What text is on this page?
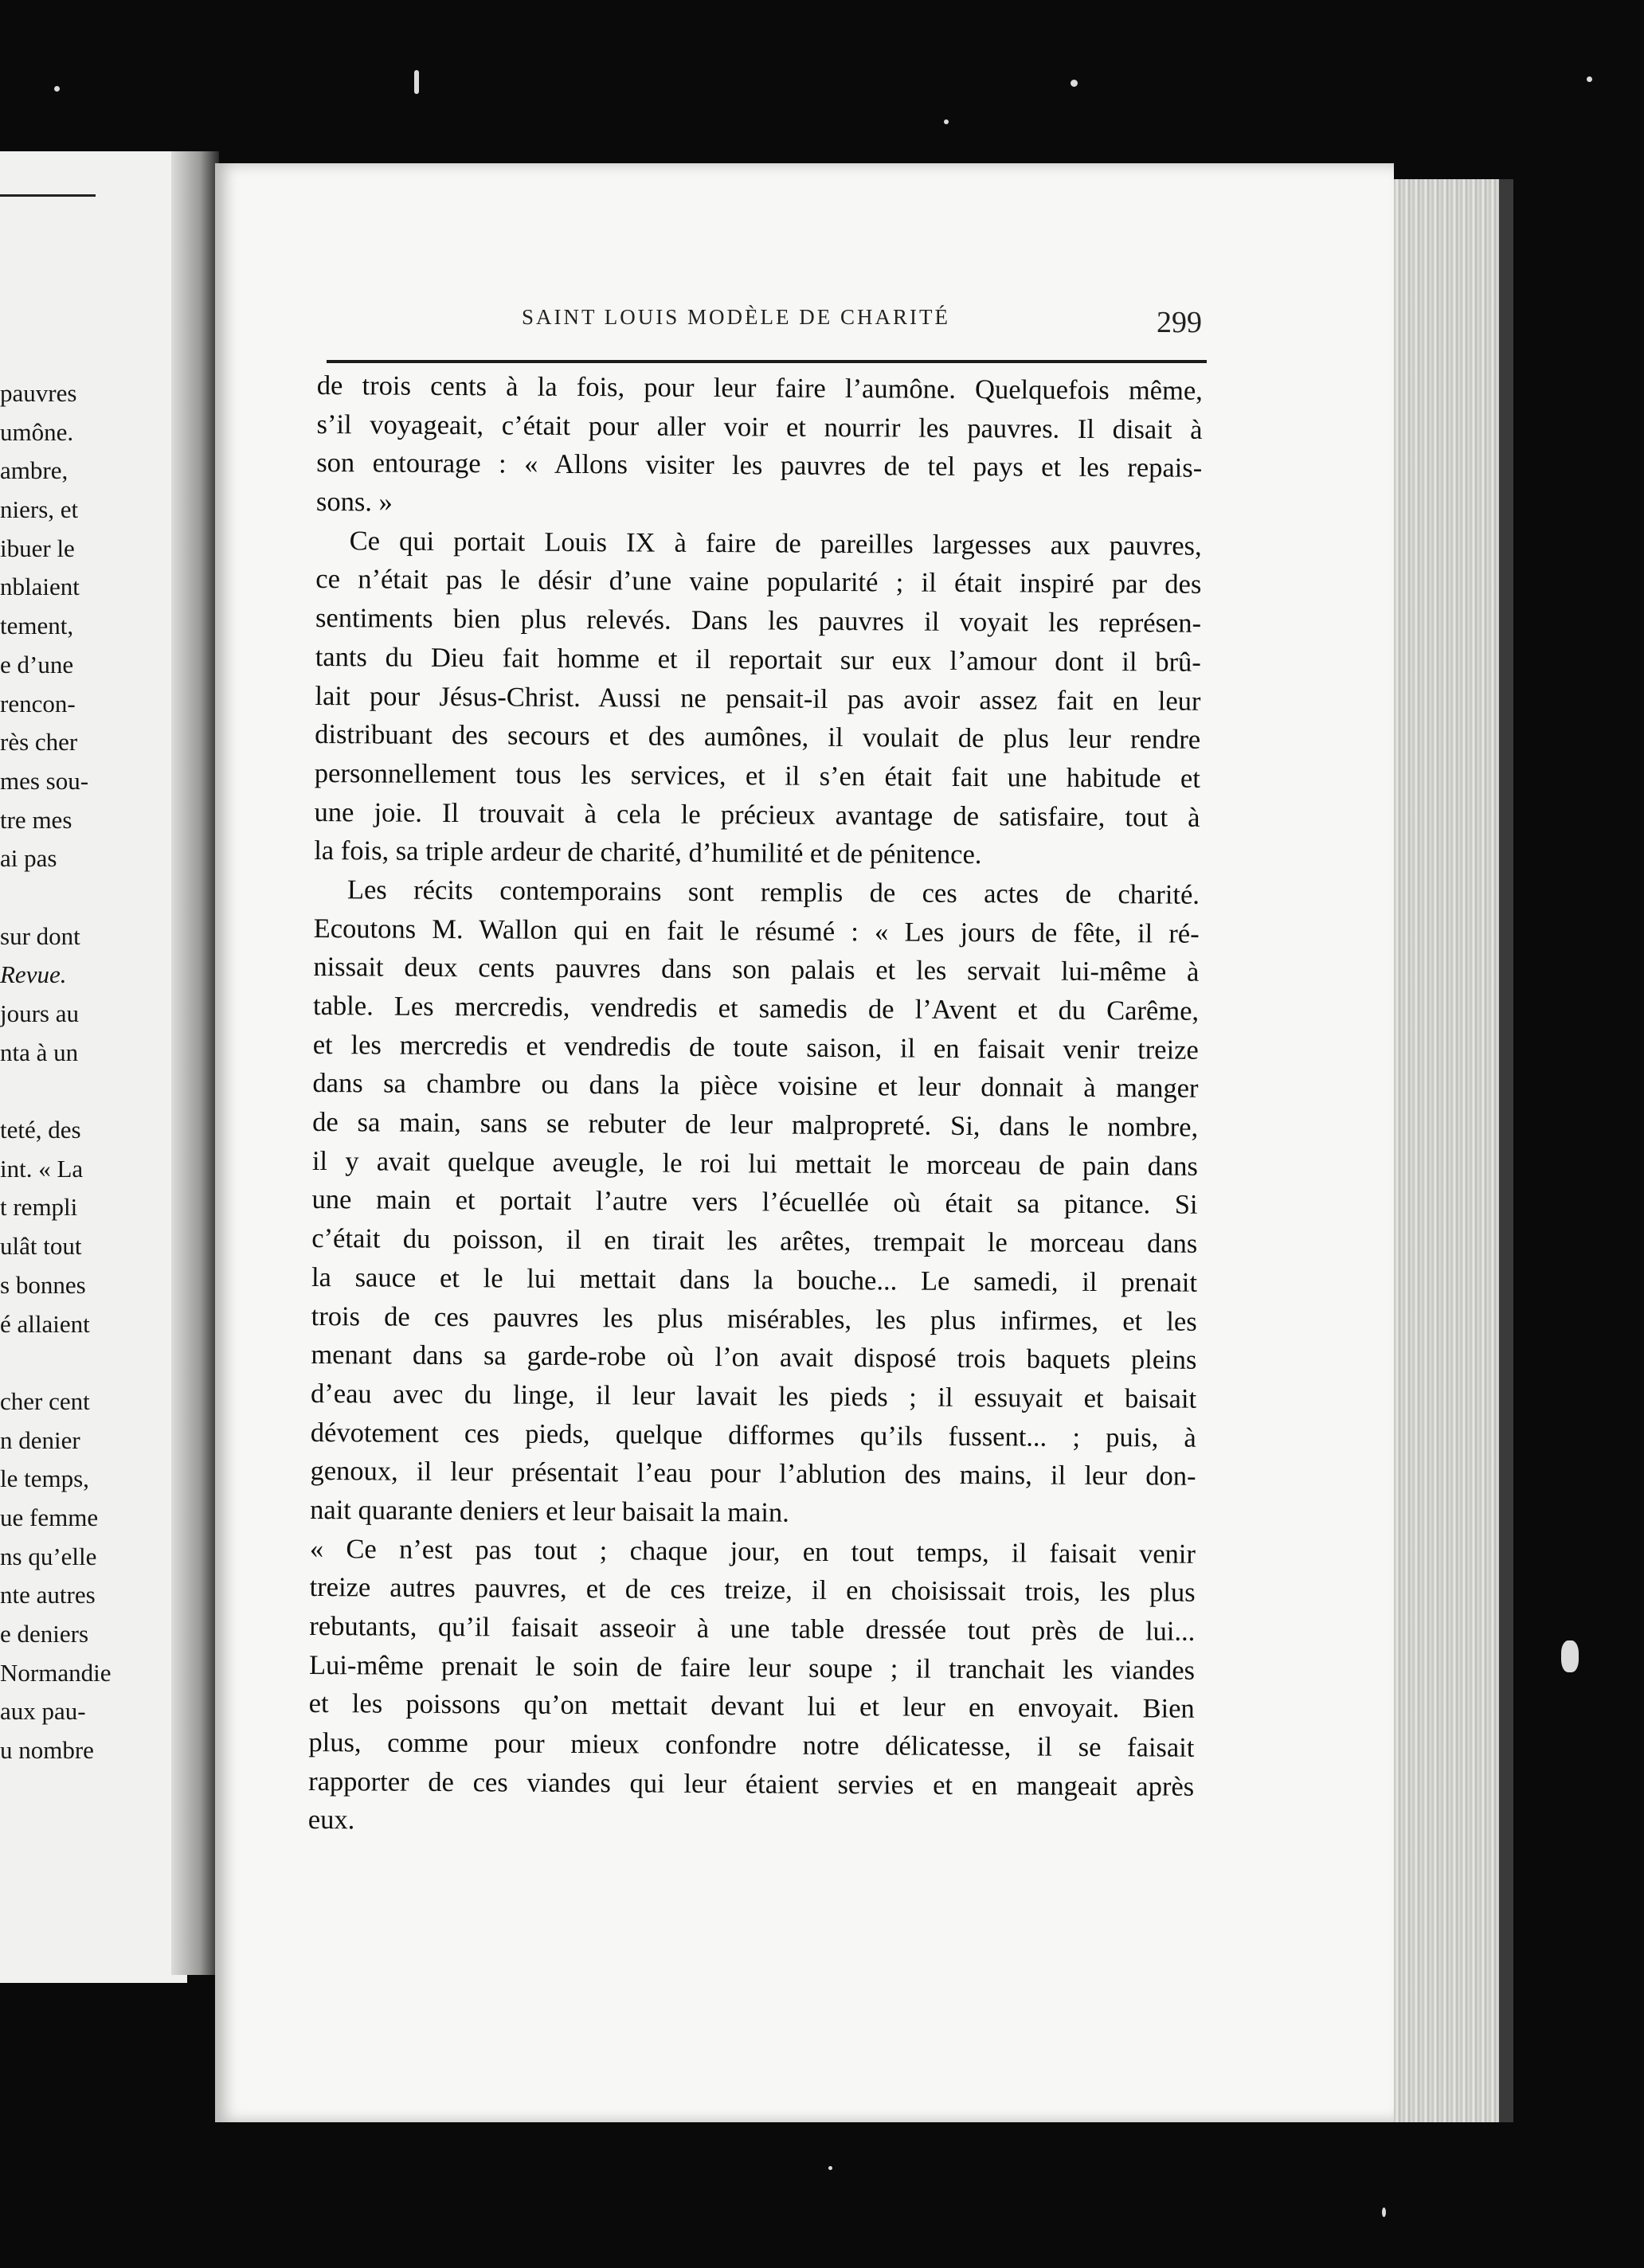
pauvres
umône.
ambre,
niers, et
ibuer le
nblaient
tement,
e d’une
rencon-
rès cher
mes sou-
tre mes
ai pas
sur dont
Revue.
jours au
nta à un
teté, des
int. « La
t rempli
ulât tout
s bonnes
é allaient
cher cent
n denier
le temps,
ue femme
ns qu’elle
nte autres
e deniers
Normandie
aux pau-
u nombre
SAINT LOUIS MODÈLE DE CHARITÉ	299
de trois cents à la fois, pour leur faire l’aumône. Quelquefois même,
s’il voyageait, c’était pour aller voir et nourrir les pauvres. Il disait à
son entourage : « Allons visiter les pauvres de tel pays et les repais-
sons. »
Ce qui portait Louis IX à faire de pareilles largesses aux pauvres,
ce n’était pas le désir d’une vaine popularité ; il était inspiré par des
sentiments bien plus relevés. Dans les pauvres il voyait les représen-
tants du Dieu fait homme et il reportait sur eux l’amour dont il brû-
lait pour Jésus-Christ. Aussi ne pensait-il pas avoir assez fait en leur
distribuant des secours et des aumônes, il voulait de plus leur rendre
personnellement tous les services, et il s’en était fait une habitude et
une joie. Il trouvait à cela le précieux avantage de satisfaire, tout à
la fois, sa triple ardeur de charité, d’humilité et de pénitence.
Les récits contemporains sont remplis de ces actes de charité.
Ecoutons M. Wallon qui en fait le résumé : « Les jours de fête, il ré-
nissait deux cents pauvres dans son palais et les servait lui-même à
table. Les mercredis, vendredis et samedis de l’Avent et du Carême,
et les mercredis et vendredis de toute saison, il en faisait venir treize
dans sa chambre ou dans la pièce voisine et leur donnait à manger
de sa main, sans se rebuter de leur malpropreté. Si, dans le nombre,
il y avait quelque aveugle, le roi lui mettait le morceau de pain dans
une main et portait l’autre vers l’écuellée où était sa pitance. Si
c’était du poisson, il en tirait les arêtes, trempait le morceau dans
la sauce et le lui mettait dans la bouche... Le samedi, il prenait
trois de ces pauvres les plus misérables, les plus infirmes, et les
menant dans sa garde-robe où l’on avait disposé trois baquets pleins
d’eau avec du linge, il leur lavait les pieds ; il essuyait et baisait
dévotement ces pieds, quelque difformes qu’ils fussent... ; puis, à
genoux, il leur présentait l’eau pour l’ablution des mains, il leur don-
nait quarante deniers et leur baisait la main.
« Ce n’est pas tout ; chaque jour, en tout temps, il faisait venir
treize autres pauvres, et de ces treize, il en choisissait trois, les plus
rebutants, qu’il faisait asseoir à une table dressée tout près de lui...
Lui-même prenait le soin de faire leur soupe ; il tranchait les viandes
et les poissons qu’on mettait devant lui et leur en envoyait. Bien
plus, comme pour mieux confondre notre délicatesse, il se faisait
rapporter de ces viandes qui leur étaient servies et en mangeait après
eux.
